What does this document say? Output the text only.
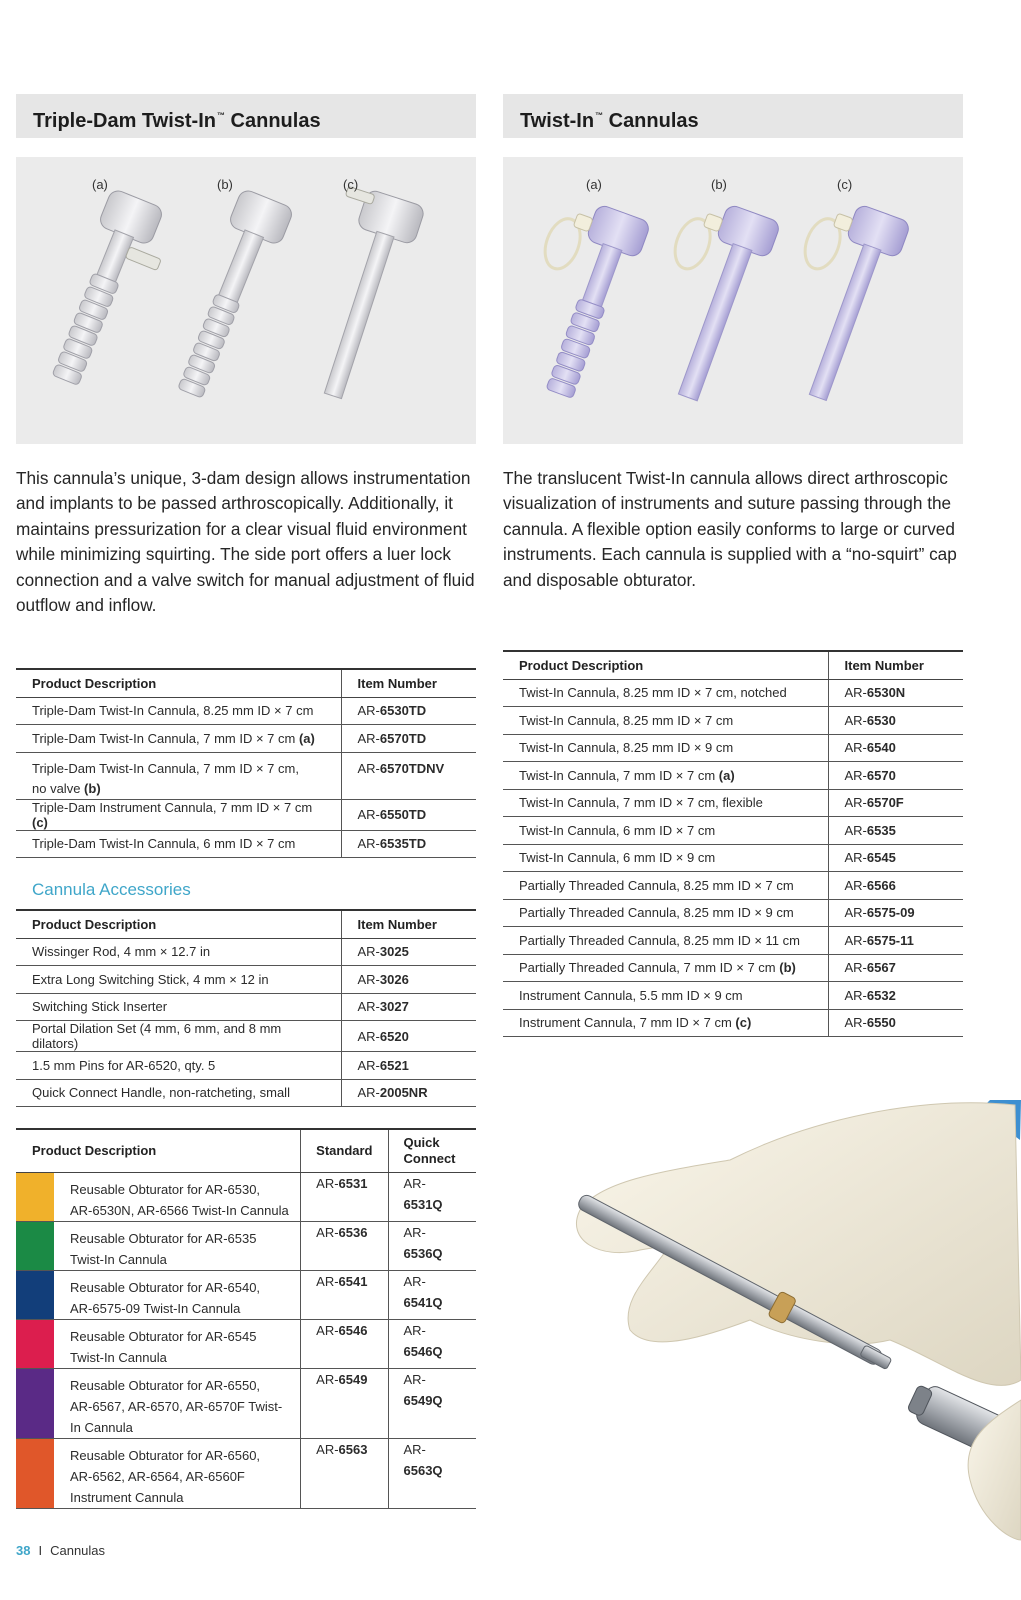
Triple-Dam Twist-In™ Cannulas
(a)	(b)	(c)

This cannula’s unique, 3-dam design allows instrumentation and implants to be passed arthroscopically. Additionally, it maintains pressurization for a clear visual fluid environment while minimizing squirting. The side port offers a luer lock connection and a valve switch for manual adjustment of fluid outflow and inflow.

Product Description	Item Number
Triple-Dam Twist-In Cannula, 8.25 mm ID × 7 cm	AR-6530TD
Triple-Dam Twist-In Cannula, 7 mm ID × 7 cm (a)	AR-6570TD
Triple-Dam Twist-In Cannula, 7 mm ID × 7 cm,
no valve (b)	AR-6570TDNV
Triple-Dam Instrument Cannula, 7 mm ID × 7 cm (c)	AR-6550TD
Triple-Dam Twist-In Cannula, 6 mm ID × 7 cm	AR-6535TD
Cannula Accessories
Product Description	Item Number
Wissinger Rod, 4 mm × 12.7 in	AR-3025
Extra Long Switching Stick, 4 mm × 12 in	AR-3026
Switching Stick Inserter	AR-3027
Portal Dilation Set (4 mm, 6 mm, and 8 mm dilators)	AR-6520
1.5 mm Pins for AR-6520, qty. 5	AR-6521
Quick Connect Handle, non-ratcheting, small	AR-2005NR
Product Description		Standard	Quick
Connect
	Reusable Obturator for AR-6530,
AR-6530N, AR-6566 Twist-In Cannula	AR-6531	AR-6531Q
	Reusable Obturator for AR-6535
Twist-In Cannula	AR-6536	AR-6536Q
	Reusable Obturator for AR-6540,
AR-6575-09 Twist-In Cannula	AR-6541	AR-6541Q
	Reusable Obturator for AR-6545
Twist-In Cannula	AR-6546	AR-6546Q
	Reusable Obturator for AR-6550,
AR-6567, AR-6570, AR-6570F Twist-
In Cannula	AR-6549	AR-6549Q
	Reusable Obturator for AR-6560,
AR-6562, AR-6564, AR-6560F
Instrument Cannula	AR-6563	AR-6563Q
Twist-In™ Cannulas
(a)	(b)	(c)

The translucent Twist-In cannula allows direct arthroscopic visualization of instruments and suture passing through the cannula. A flexible option easily conforms to large or curved instruments. Each cannula is supplied with a “no-squirt” cap and disposable obturator.

Product Description	Item Number
Twist-In Cannula, 8.25 mm ID × 7 cm, notched	AR-6530N
Twist-In Cannula, 8.25 mm ID × 7 cm	AR-6530
Twist-In Cannula, 8.25 mm ID × 9 cm	AR-6540
Twist-In Cannula, 7 mm ID × 7 cm (a)	AR-6570
Twist-In Cannula, 7 mm ID × 7 cm, flexible	AR-6570F
Twist-In Cannula, 6 mm ID × 7 cm	AR-6535
Twist-In Cannula, 6 mm ID × 9 cm	AR-6545
Partially Threaded Cannula, 8.25 mm ID × 7 cm	AR-6566
Partially Threaded Cannula, 8.25 mm ID × 9 cm	AR-6575-09
Partially Threaded Cannula, 8.25 mm ID × 11 cm	AR-6575-11
Partially Threaded Cannula, 7 mm ID × 7 cm (b)	AR-6567
Instrument Cannula, 5.5 mm ID × 9 cm	AR-6532
Instrument Cannula, 7 mm ID × 7 cm (c)	AR-6550
38 I Cannulas
